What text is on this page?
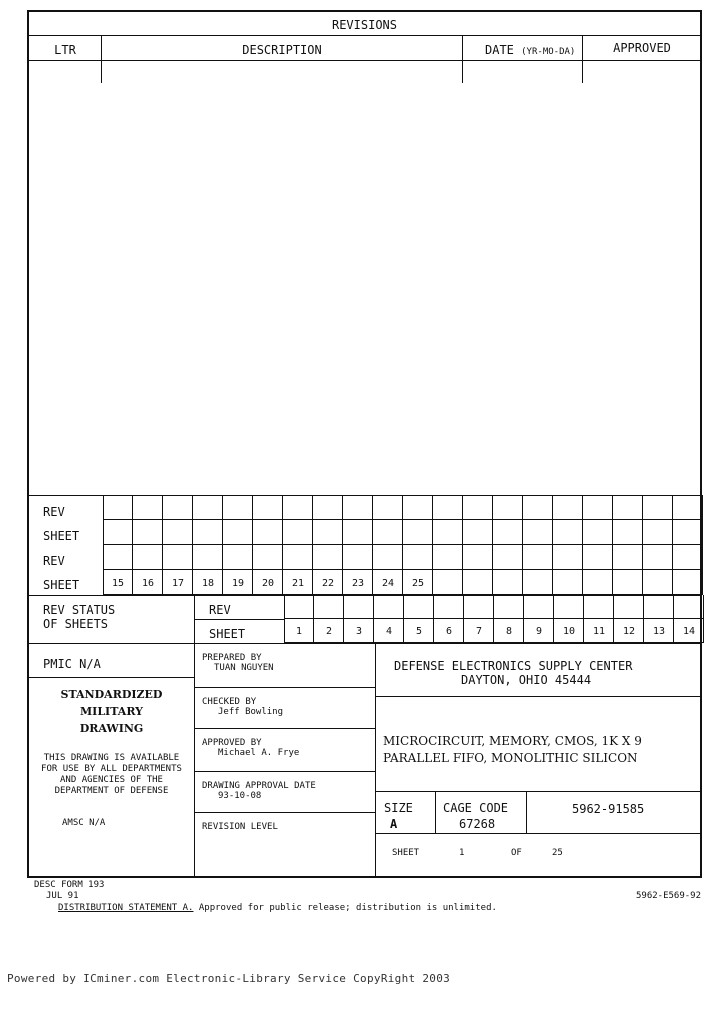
REVISIONS
LTR	DESCRIPTION	DATE (YR-MO-DA)	APPROVED
REV
SHEET
REV
SHEET	15	16	17	18	19	20	21	22	23	24	25
REV STATUS
OF SHEETS
REV
SHEET	1	2	3	4	5	6	7	8	9	10	11	12	13	14
PMIC N/A
STANDARDIZED
MILITARY
DRAWING
THIS DRAWING IS AVAILABLE
FOR USE BY ALL DEPARTMENTS
AND AGENCIES OF THE
DEPARTMENT OF DEFENSE
AMSC N/A
PREPARED BY
TUAN NGUYEN
CHECKED BY
Jeff Bowling
APPROVED BY
Michael A. Frye
DRAWING APPROVAL DATE
93-10-08
REVISION LEVEL
DEFENSE ELECTRONICS SUPPLY CENTER
DAYTON, OHIO 45444
MICROCIRCUIT, MEMORY, CMOS, 1K X 9
PARALLEL FIFO, MONOLITHIC SILICON
SIZE
A
CAGE CODE
67268
5962-91585
SHEET	1	OF	25
DESC FORM 193
JUL 91
DISTRIBUTION STATEMENT A. Approved for public release; distribution is unlimited.
5962-E569-92
Powered by ICminer.com Electronic-Library Service CopyRight 2003
